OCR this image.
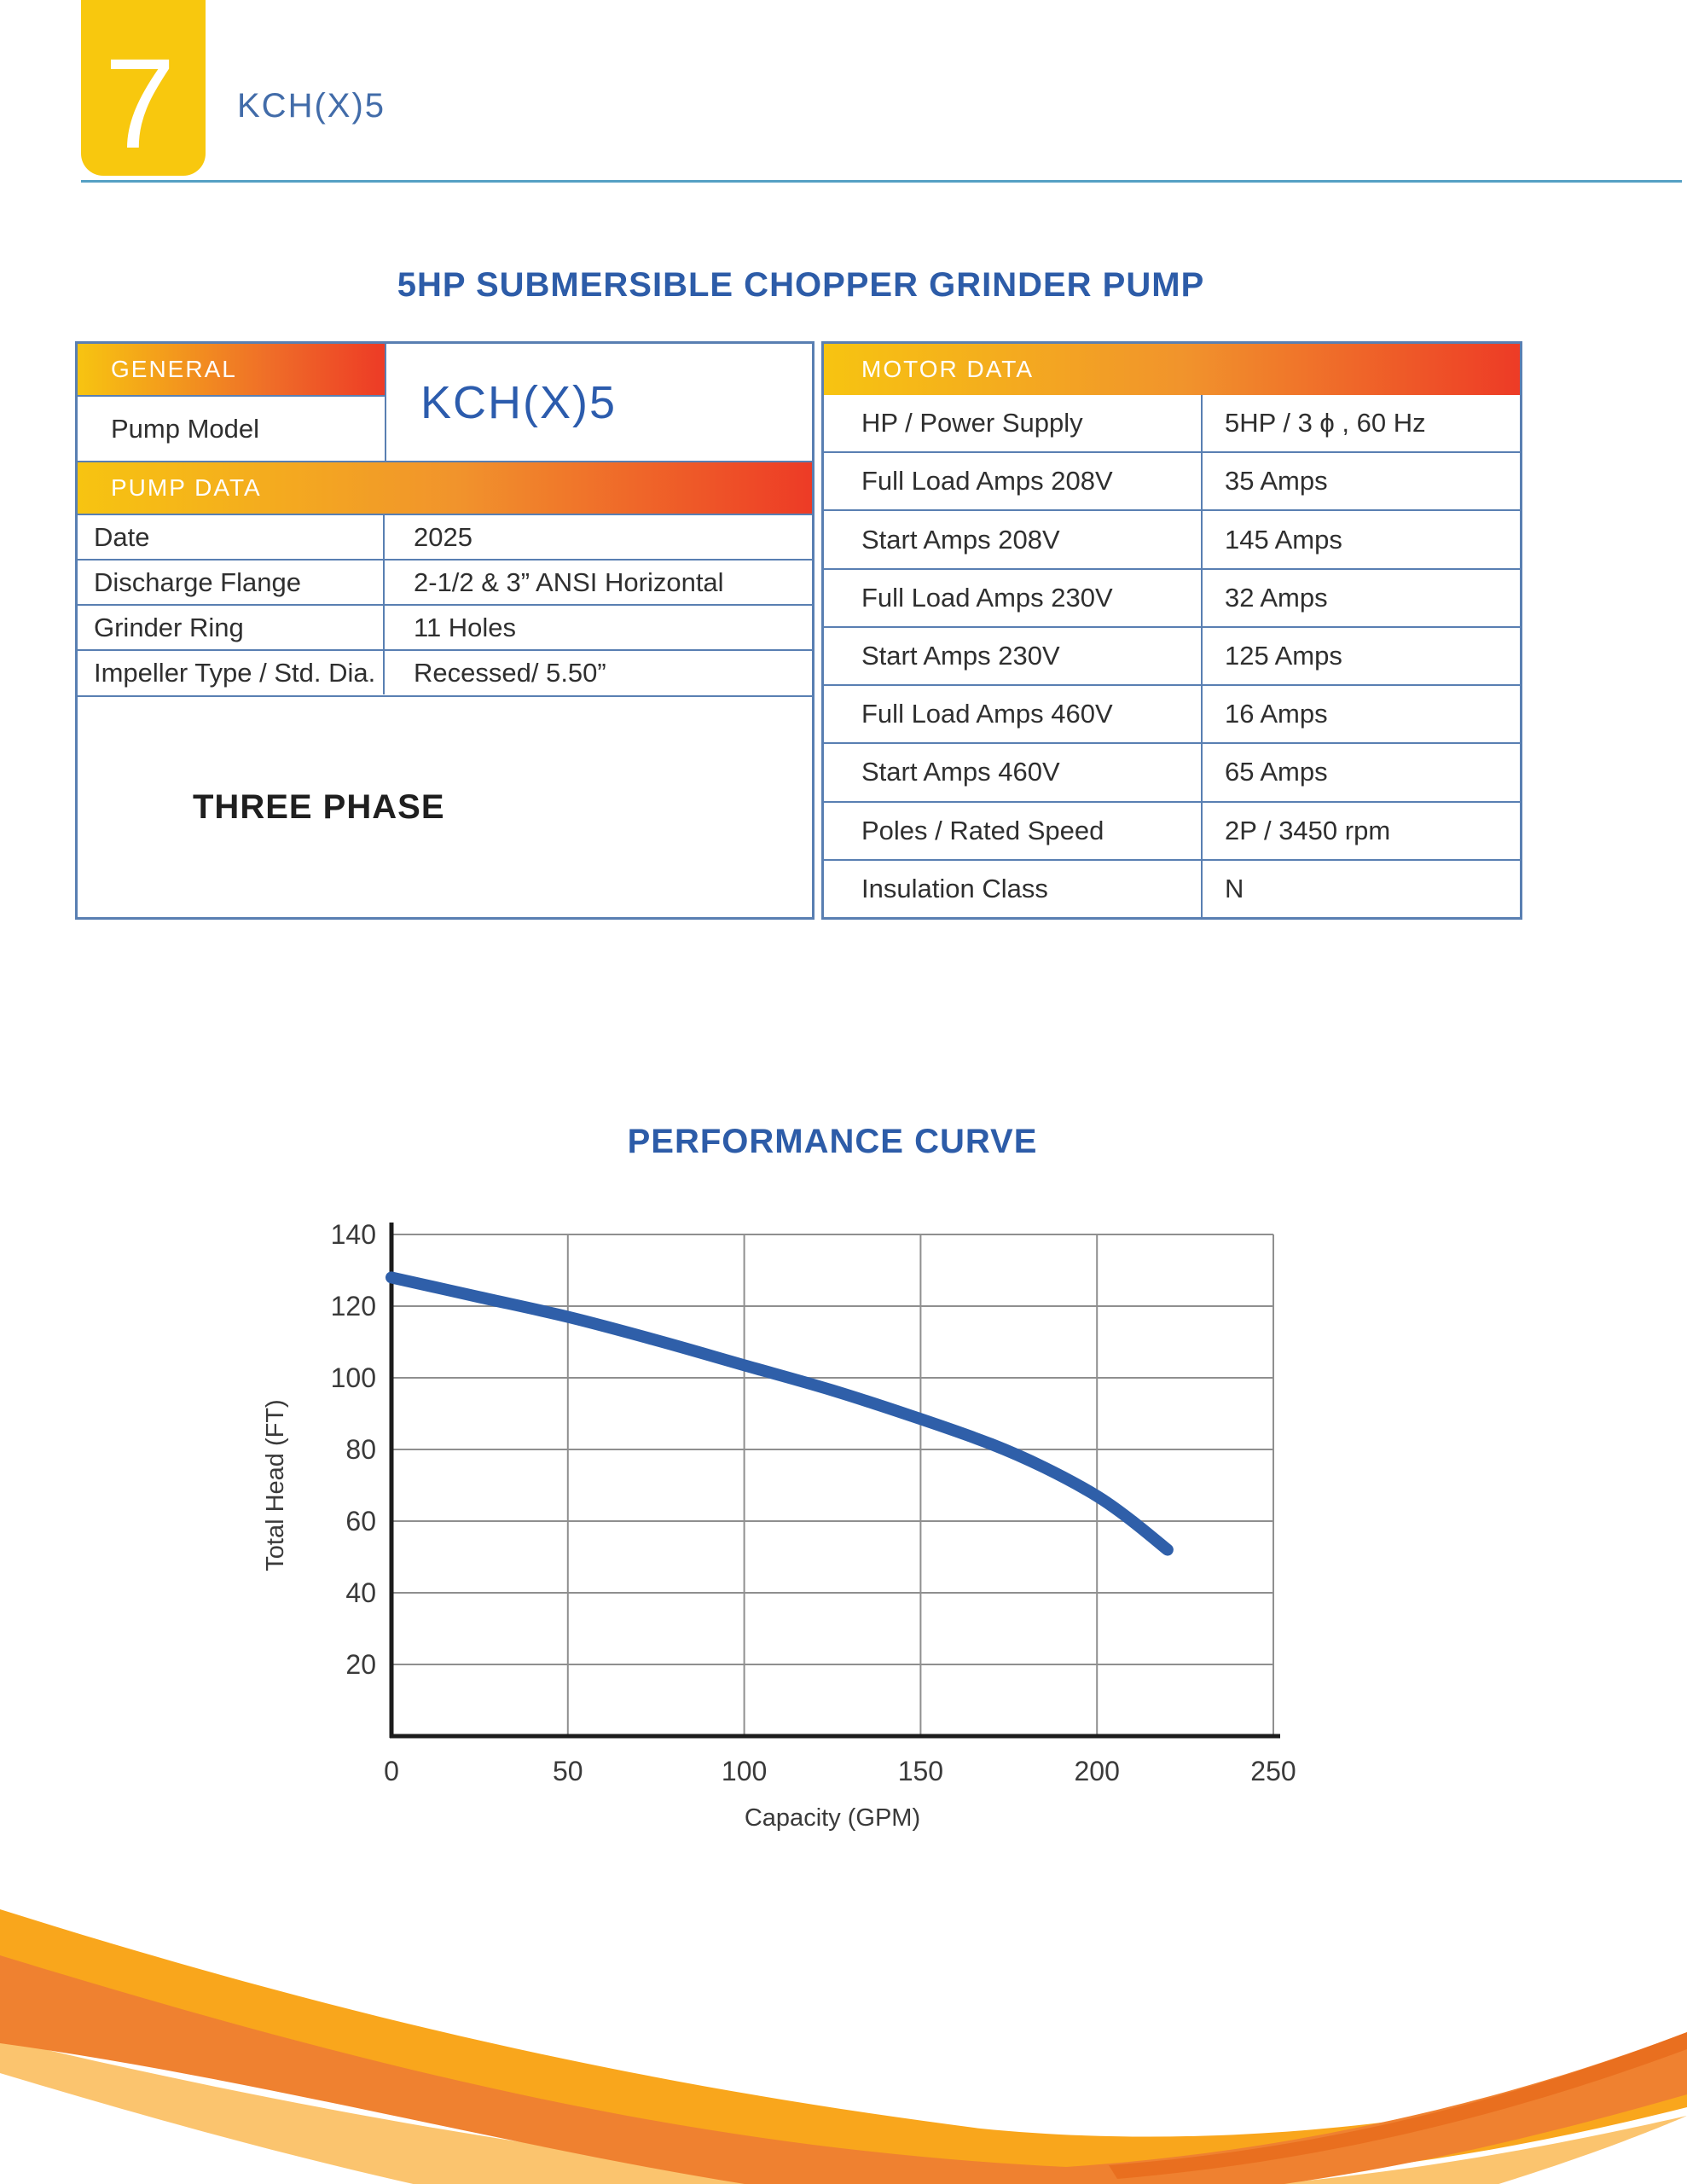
7 KCH(X)5
5HP SUBMERSIBLE CHOPPER GRINDER PUMP
GENERAL
KCH(X)5
Pump Model
PUMP DATA
Date	2025
Discharge Flange	2-1/2 & 3” ANSI Horizontal
Grinder Ring	11 Holes
Impeller Type / Std. Dia.	Recessed/ 5.50”
THREE PHASE
MOTOR DATA
HP / Power Supply	5HP / 3 ϕ , 60 Hz
Full Load Amps 208V	35 Amps
Start Amps 208V	145 Amps
Full Load Amps 230V	32 Amps
Start Amps 230V	125 Amps
Full Load Amps 460V	16 Amps
Start Amps 460V	65 Amps
Poles / Rated Speed	2P / 3450 rpm
Insulation Class	N
PERFORMANCE CURVE
0	50	100	150	200	250
20
40
60
80
100
120
140
Capacity (GPM)
Total Head (FT)
